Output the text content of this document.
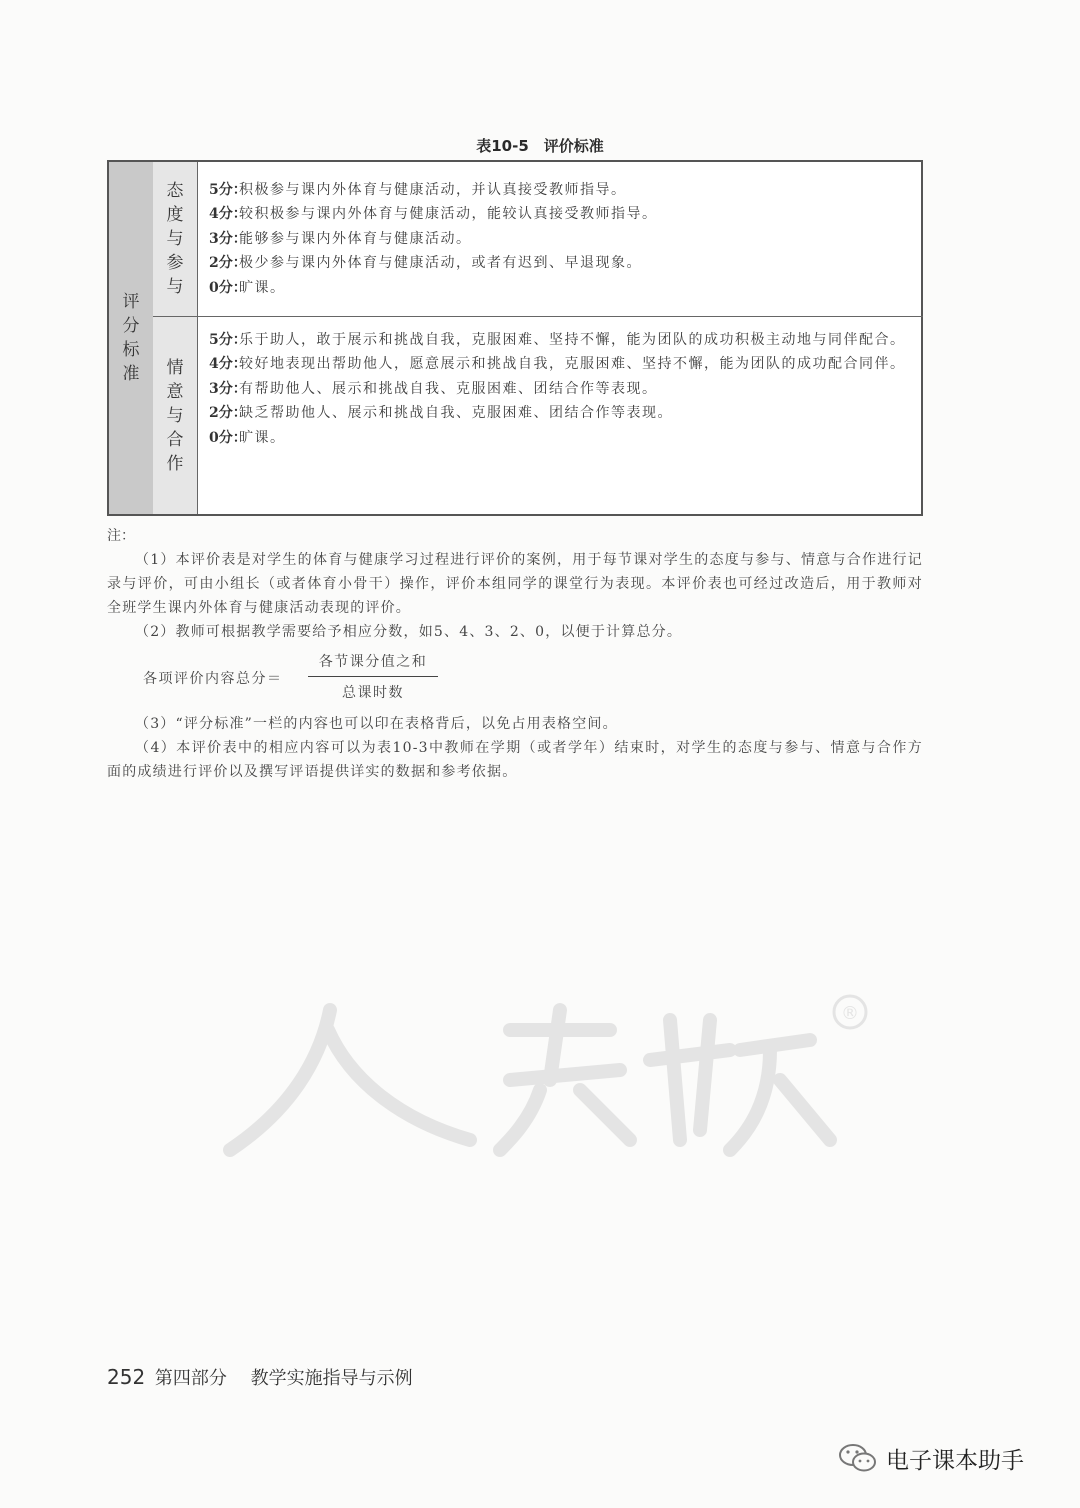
表10-5　评价标准
评
分
标
准
态
度
与
参
与
5分：
积极参与课内外体育与健康活动，并认真接受教师指导。
4分：
较积极参与课内外体育与健康活动，能较认真接受教师指导。
3分：
能够参与课内外体育与健康活动。
2分：
极少参与课内外体育与健康活动，或者有迟到、早退现象。
0分：
旷课。
情
意
与
合
作
5分：
乐于助人，敢于展示和挑战自我，克服困难、坚持不懈，能为团队的成功积极主动地与同伴配合。
4分：
较好地表现出帮助他人，愿意展示和挑战自我，克服困难、坚持不懈，能为团队的成功配合同伴。
3分：
有帮助他人、展示和挑战自我、克服困难、团结合作等表现。
2分：
缺乏帮助他人、展示和挑战自我、克服困难、团结合作等表现。
0分：
旷课。
注：
（1）本评价表是对学生的体育与健康学习过程进行评价的案例，用于每节课对学生的态度与参与、情意与合作进行记录与评价，可由小组长（或者体育小骨干）操作，评价本组同学的课堂行为表现。本评价表也可经过改造后，用于教师对全班学生课内外体育与健康活动表现的评价。
（2）教师可根据教学需要给予相应分数，如5、4、3、2、0，以便于计算总分。
各项评价内容总分＝
各节课分值之和
总课时数
（3）“评分标准”一栏的内容也可以印在表格背后，以免占用表格空间。
（4）本评价表中的相应内容可以为表10-3中教师在学期（或者学年）结束时，对学生的态度与参与、情意与合作方面的成绩进行评价以及撰写评语提供详实的数据和参考依据。
®
人教版
252 第四部分 教学实施指导与示例
电子课本助手
